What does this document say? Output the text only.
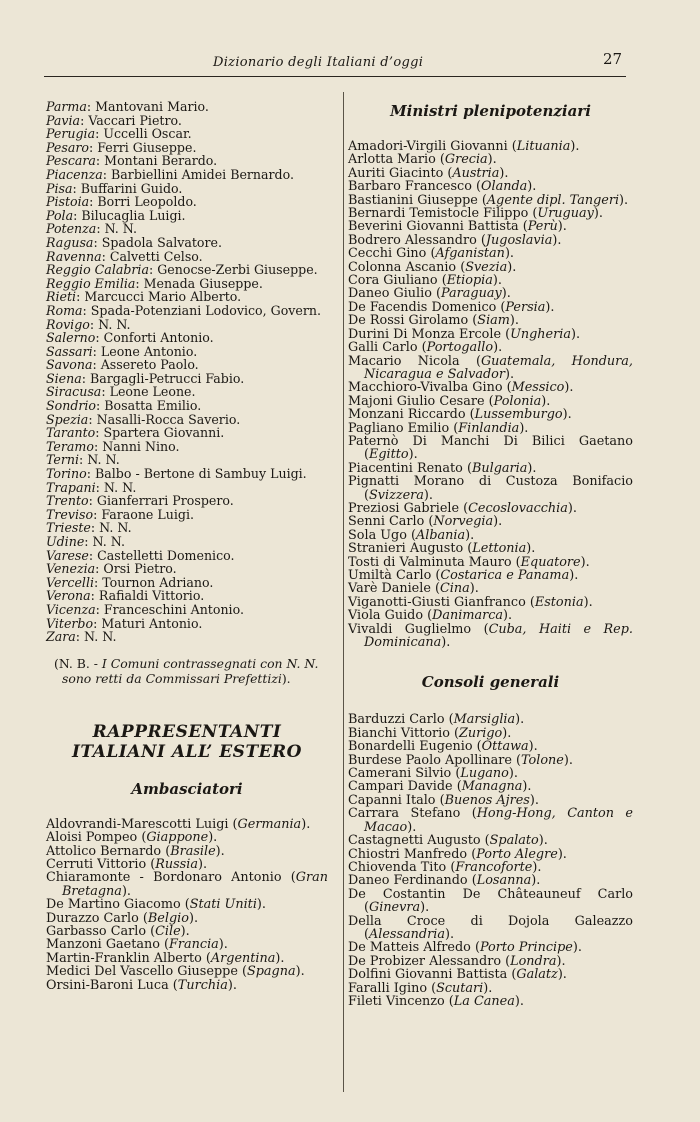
Dizionario degli Italiani d’oggi	27
Parma: Mantovani Mario.
Pavia: Vaccari Pietro.
Perugia: Uccelli Oscar.
Pesaro: Ferri Giuseppe.
Pescara: Montani Berardo.
Piacenza: Barbiellini Amidei Bernardo.
Pisa: Buffarini Guido.
Pistoia: Borri Leopoldo.
Pola: Bilucaglia Luigi.
Potenza: N. N.
Ragusa: Spadola Salvatore.
Ravenna: Calvetti Celso.
Reggio Calabria: Genocse-Zerbi Giuseppe.
Reggio Emilia: Menada Giuseppe.
Rieti: Marcucci Mario Alberto.
Roma: Spada-Potenziani Lodovico, Govern.
Rovigo: N. N.
Salerno: Conforti Antonio.
Sassari: Leone Antonio.
Savona: Assereto Paolo.
Siena: Bargagli-Petrucci Fabio.
Siracusa: Leone Leone.
Sondrio: Bosatta Emilio.
Spezia: Nasalli-Rocca Saverio.
Taranto: Spartera Giovanni.
Teramo: Nanni Nino.
Terni: N. N.
Torino: Balbo - Bertone di Sambuy Luigi.
Trapani: N. N.
Trento: Gianferrari Prospero.
Treviso: Faraone Luigi.
Trieste: N. N.
Udine: N. N.
Varese: Castelletti Domenico.
Venezia: Orsi Pietro.
Vercelli: Tournon Adriano.
Verona: Rafialdi Vittorio.
Vicenza: Franceschini Antonio.
Viterbo: Maturi Antonio.
Zara: N. N.
(N. B. - I Comuni contrassegnati con N. N. sono retti da Commissari Prefettizi).
RAPPRESENTANTI ITALIANI ALL’ ESTERO
Ambasciatori
Aldovrandi-Marescotti Luigi (Germania).
Aloisi Pompeo (Giappone).
Attolico Bernardo (Brasile).
Cerruti Vittorio (Russia).
Chiaramonte - Bordonaro Antonio (Gran Bretagna).
De Martino Giacomo (Stati Uniti).
Durazzo Carlo (Belgio).
Garbasso Carlo (Cile).
Manzoni Gaetano (Francia).
Martin-Franklin Alberto (Argentina).
Medici Del Vascello Giuseppe (Spagna).
Orsini-Baroni Luca (Turchia).
Ministri plenipotenziari
Amadori-Virgili Giovanni (Lituania).
Arlotta Mario (Grecia).
Auriti Giacinto (Austria).
Barbaro Francesco (Olanda).
Bastianini Giuseppe (Agente dipl. Tangeri).
Bernardi Temistocle Filippo (Uruguay).
Beverini Giovanni Battista (Perù).
Bodrero Alessandro (Jugoslavia).
Cecchi Gino (Afganistan).
Colonna Ascanio (Svezia).
Cora Giuliano (Etiopia).
Daneo Giulio (Paraguay).
De Facendis Domenico (Persia).
De Rossi Girolamo (Siam).
Durini Di Monza Ercole (Ungheria).
Galli Carlo (Portogallo).
Macario Nicola (Guatemala, Hondura, Nicaragua e Salvador).
Macchioro-Vivalba Gino (Messico).
Majoni Giulio Cesare (Polonia).
Monzani Riccardo (Lussemburgo).
Pagliano Emilio (Finlandia).
Paternò Di Manchi Di Bilici Gaetano (Egitto).
Piacentini Renato (Bulgaria).
Pignatti Morano di Custoza Bonifacio (Svizzera).
Preziosi Gabriele (Cecoslovacchia).
Senni Carlo (Norvegia).
Sola Ugo (Albania).
Stranieri Augusto (Lettonia).
Tosti di Valminuta Mauro (Equatore).
Umiltà Carlo (Costarica e Panama).
Varè Daniele (Cina).
Viganotti-Giusti Gianfranco (Estonia).
Viola Guido (Danimarca).
Vivaldi Guglielmo (Cuba, Haiti e Rep. Dominicana).
Consoli generali
Barduzzi Carlo (Marsiglia).
Bianchi Vittorio (Zurigo).
Bonardelli Eugenio (Ottawa).
Burdese Paolo Apollinare (Tolone).
Camerani Silvio (Lugano).
Campari Davide (Managna).
Capanni Italo (Buenos Ajres).
Carrara Stefano (Hong-Hong, Canton e Macao).
Castagnetti Augusto (Spalato).
Chiostri Manfredo (Porto Alegre).
Chiovenda Tito (Francoforte).
Daneo Ferdinando (Losanna).
De Costantin De Châteauneuf Carlo (Ginevra).
Della Croce di Dojola Galeazzo (Alessandria).
De Matteis Alfredo (Porto Principe).
De Probizer Alessandro (Londra).
Dolfini Giovanni Battista (Galatz).
Faralli Igino (Scutari).
Fileti Vincenzo (La Canea).
